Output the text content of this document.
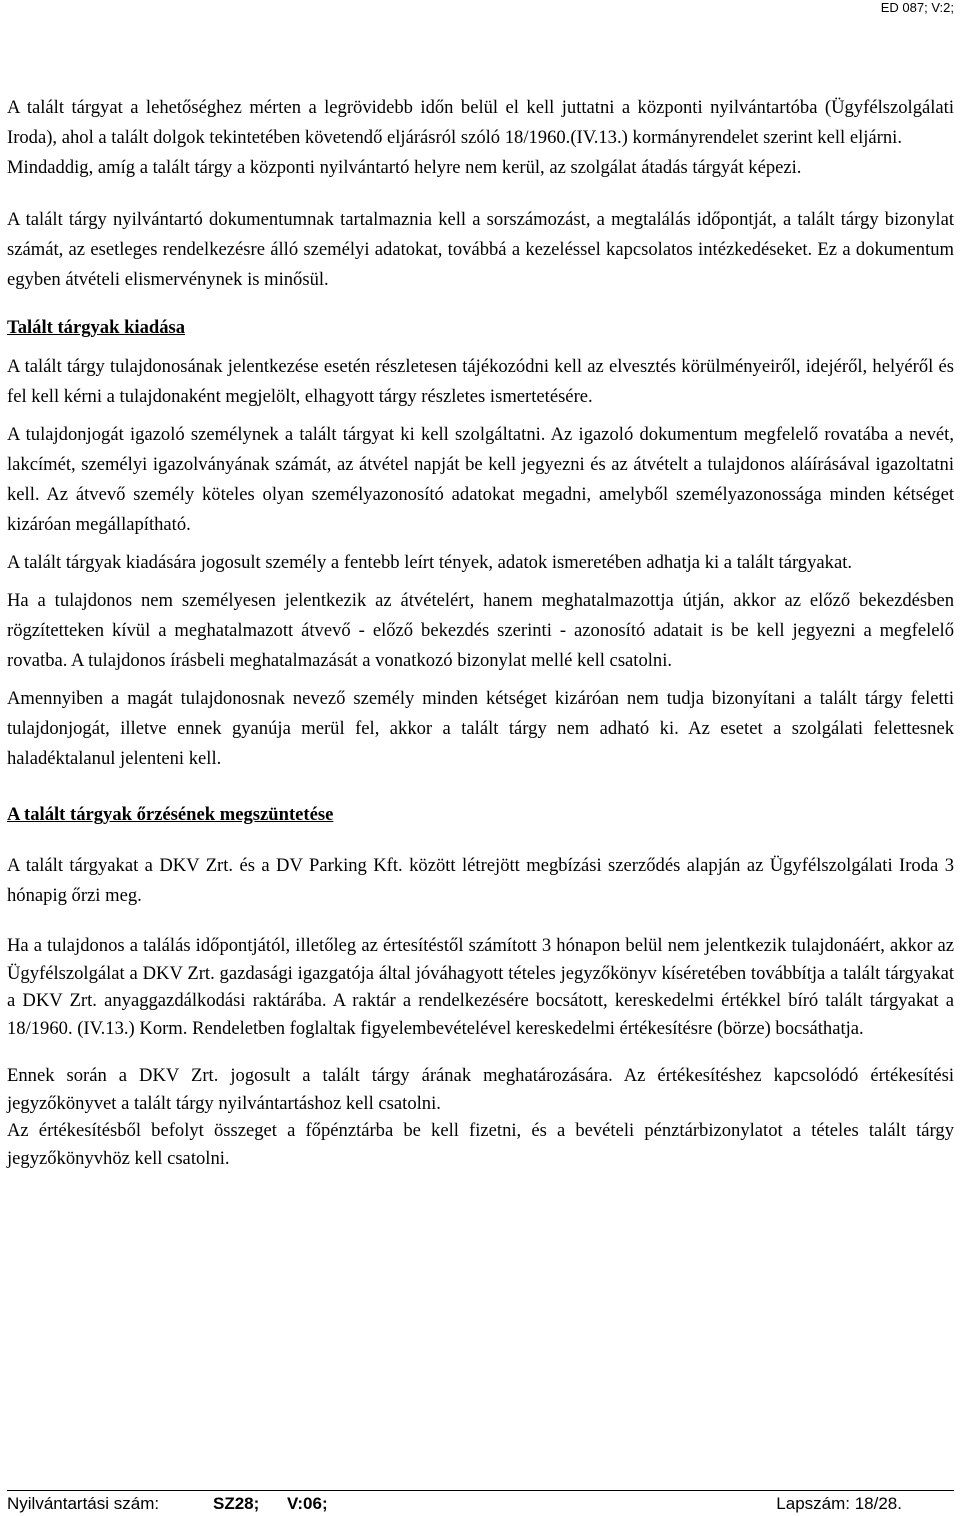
ED 087; V:2;

A talált tárgyat a lehetőséghez mérten a legrövidebb időn belül el kell juttatni a központi nyilvántartóba (Ügyfélszolgálati Iroda), ahol a talált dolgok tekintetében követendő eljárásról szóló 18/1960.(IV.13.) kormányrendelet szerint kell eljárni.

Mindaddig, amíg a talált tárgy a központi nyilvántartó helyre nem kerül, az szolgálat átadás tárgyát képezi.

A talált tárgy nyilvántartó dokumentumnak tartalmaznia kell a sorszámozást, a megtalálás időpontját, a talált tárgy bizonylat számát, az esetleges rendelkezésre álló személyi adatokat, továbbá a kezeléssel kapcsolatos intézkedéseket. Ez a dokumentum egyben átvételi elismervénynek is minősül.

Talált tárgyak kiadása

A talált tárgy tulajdonosának jelentkezése esetén részletesen tájékozódni kell az elvesztés körülményeiről, idejéről, helyéről és fel kell kérni a tulajdonaként megjelölt, elhagyott tárgy részletes ismertetésére.

A tulajdonjogát igazoló személynek a talált tárgyat ki kell szolgáltatni. Az igazoló dokumentum megfelelő rovatába a nevét, lakcímét, személyi igazolványának számát, az átvétel napját be kell jegyezni és az átvételt a tulajdonos aláírásával igazoltatni kell. Az átvevő személy köteles olyan személyazonosító adatokat megadni, amelyből személyazonossága minden kétséget kizáróan megállapítható.

A talált tárgyak kiadására jogosult személy a fentebb leírt tények, adatok ismeretében adhatja ki a talált tárgyakat.

Ha a tulajdonos nem személyesen jelentkezik az átvételért, hanem meghatalmazottja útján, akkor az előző bekezdésben rögzítetteken kívül a meghatalmazott átvevő - előző bekezdés szerinti - azonosító adatait is be kell jegyezni a megfelelő rovatba. A tulajdonos írásbeli meghatalmazását a vonatkozó bizonylat mellé kell csatolni.

Amennyiben a magát tulajdonosnak nevező személy minden kétséget kizáróan nem tudja bizonyítani a talált tárgy feletti tulajdonjogát, illetve ennek gyanúja merül fel, akkor a talált tárgy nem adható ki. Az esetet a szolgálati felettesnek haladéktalanul jelenteni kell.

A talált tárgyak őrzésének megszüntetése

A talált tárgyakat a DKV Zrt. és a DV Parking Kft. között létrejött megbízási szerződés alapján az Ügyfélszolgálati Iroda 3 hónapig őrzi meg.

Ha a tulajdonos a találás időpontjától, illetőleg az értesítéstől számított 3 hónapon belül nem jelentkezik tulajdonáért, akkor az Ügyfélszolgálat a DKV Zrt. gazdasági igazgatója által jóváhagyott tételes jegyzőkönyv kíséretében továbbítja a talált tárgyakat a DKV Zrt. anyaggazdálkodási raktárába. A raktár a rendelkezésére bocsátott, kereskedelmi értékkel bíró talált tárgyakat a 18/1960. (IV.13.) Korm. Rendeletben foglaltak figyelembevételével kereskedelmi értékesítésre (börze) bocsáthatja.

Ennek során a DKV Zrt. jogosult a talált tárgy árának meghatározására. Az értékesítéshez kapcsolódó értékesítési jegyzőkönyvet a talált tárgy nyilvántartáshoz kell csatolni.

Az értékesítésből befolyt összeget a főpénztárba be kell fizetni, és a bevételi pénztárbizonylatot a tételes talált tárgy jegyzőkönyvhöz kell csatolni.

Nyilvántartási szám:	SZ28; V:06;	Lapszám: 18/28.
